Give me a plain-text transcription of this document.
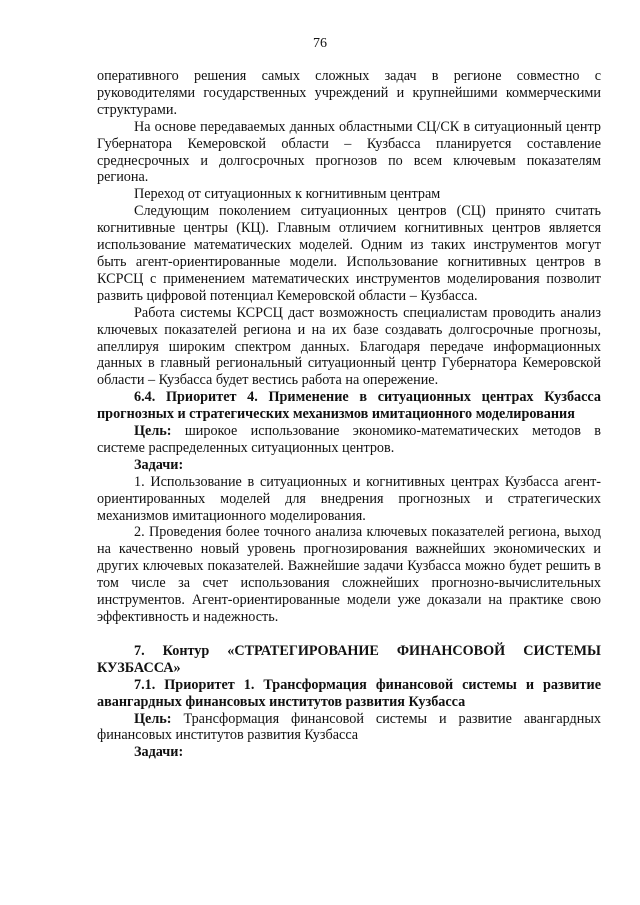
76

оперативного решения самых сложных задач в регионе совместно с руководителями государственных учреждений и крупнейшими коммерческими структурами.

На основе передаваемых данных областными СЦ/СК в ситуационный центр Губернатора Кемеровской области – Кузбасса планируется составление среднесрочных и долгосрочных прогнозов по всем ключевым показателям региона.

Переход от ситуационных к когнитивным центрам

Следующим поколением ситуационных центров (СЦ) принято считать когнитивные центры (КЦ). Главным отличием когнитивных центров является использование математических моделей. Одним из таких инструментов могут быть агент-ориентированные модели. Использование когнитивных центров в КСРСЦ с применением математических инструментов моделирования позволит развить цифровой потенциал Кемеровской области – Кузбасса.

Работа системы КСРСЦ даст возможность специалистам проводить анализ ключевых показателей региона и на их базе создавать долгосрочные прогнозы, апеллируя широким спектром данных. Благодаря передаче информационных данных в главный региональный ситуационный центр Губернатора Кемеровской области – Кузбасса будет вестись работа на опережение.

6.4. Приоритет 4. Применение в ситуационных центрах Кузбасса прогнозных и стратегических механизмов имитационного моделирования

Цель: широкое использование экономико-математических методов в системе распределенных ситуационных центров.

Задачи:

1. Использование в ситуационных и когнитивных центрах Кузбасса агент-ориентированных моделей для внедрения прогнозных и стратегических механизмов имитационного моделирования.

2. Проведения более точного анализа ключевых показателей региона, выход на качественно новый уровень прогнозирования важнейших экономических и других ключевых показателей. Важнейшие задачи Кузбасса можно будет решить в том числе за счет использования сложнейших прогнозно-вычислительных инструментов. Агент-ориентированные модели уже доказали на практике свою эффективность и надежность.

7. Контур «СТРАТЕГИРОВАНИЕ ФИНАНСОВОЙ СИСТЕМЫ КУЗБАССА»

7.1. Приоритет 1. Трансформация финансовой системы и развитие авангардных финансовых институтов развития Кузбасса

Цель: Трансформация финансовой системы и развитие авангардных финансовых институтов развития Кузбасса

Задачи:
